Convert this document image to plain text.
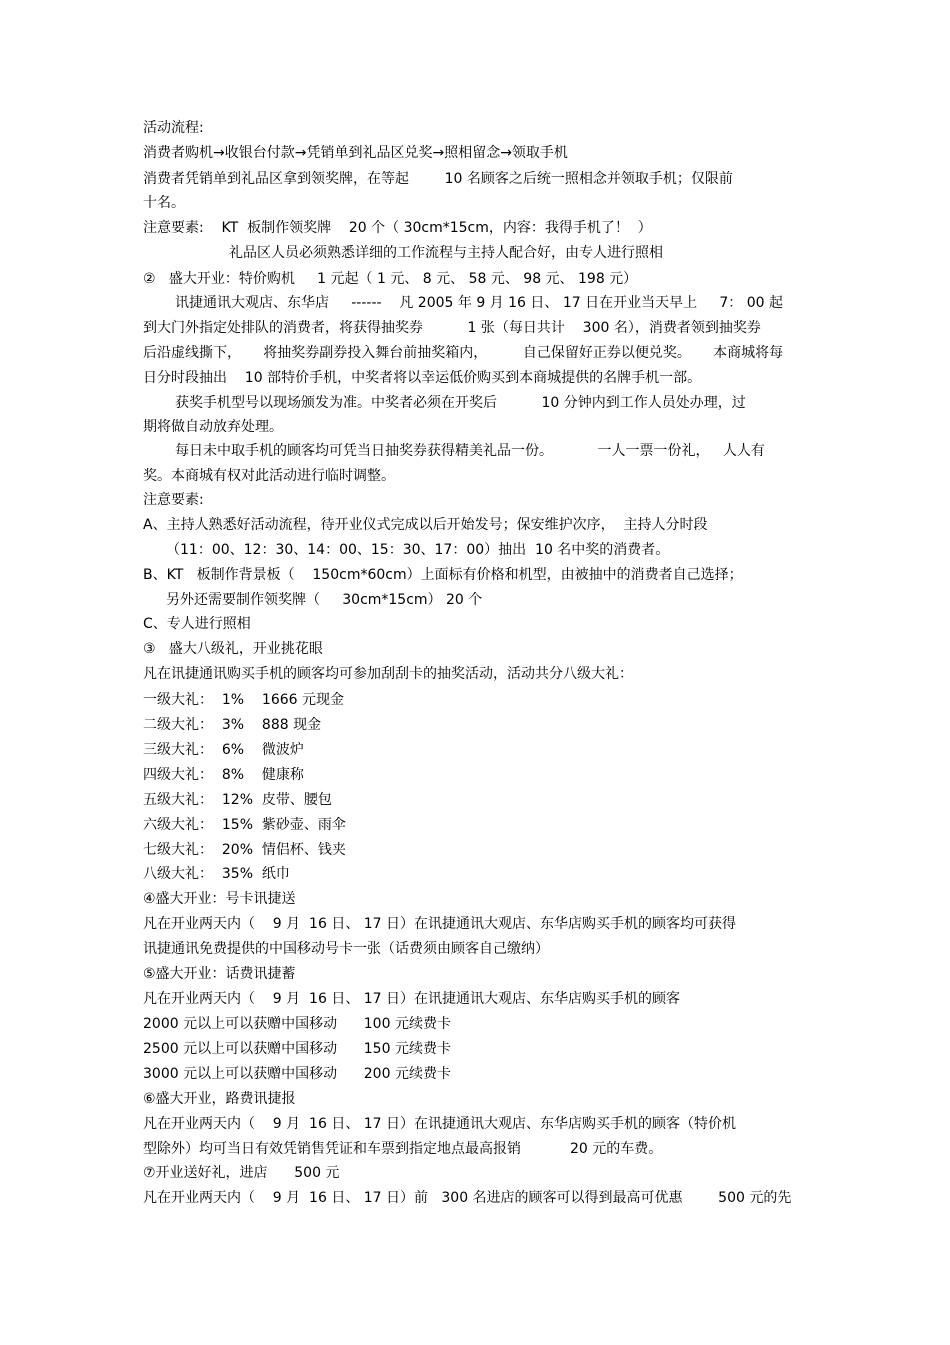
活动流程:
消费者购机→收银台付款→凭销单到礼品区兑奖→照相留念→领取手机
消费者凭销单到礼品区拿到领奖牌，在等起        10 名顾客之后统一照相念并领取手机；仅限前
十名。
注意要素:    KT  板制作领奖牌    20 个（ 30cm*15cm，内容：我得手机了！  ）
礼品区人员必须熟悉详细的工作流程与主持人配合好，由专人进行照相
②   盛大开业：特价购机     1 元起（ 1 元、 8 元、 58 元、 98 元、 198 元）
讯捷通讯大观店、东华店     ------    凡 2005 年 9 月 16 日、 17 日在开业当天早上     7： 00 起
到大门外指定处排队的消费者，将获得抽奖券          1 张（每日共计    300 名），消费者领到抽奖券
后沿虚线撕下，     将抽奖券副券投入舞台前抽奖箱内，        自己保留好正券以便兑奖。     本商城将每
日分时段抽出    10 部特价手机，中奖者将以幸运低价购买到本商城提供的名牌手机一部。
获奖手机型号以现场颁发为准。中奖者必须在开奖后          10 分钟内到工作人员处办理，过
期将做自动放弃处理。
每日未中取手机的顾客均可凭当日抽奖券获得精美礼品一份。          一人一票一份礼，   人人有
奖。本商城有权对此活动进行临时调整。
注意要素:
A、主持人熟悉好活动流程，待开业仪式完成以后开始发号；保安维护次序，  主持人分时段
（11：00、12：30、14：00、15：30、17：00）抽出  10 名中奖的消费者。
B、KT   板制作背景板（    150cm*60cm）上面标有价格和机型，由被抽中的消费者自己选择；
另外还需要制作领奖牌（     30cm*15cm） 20 个
C、专人进行照相
③   盛大八级礼，开业挑花眼
凡在讯捷通讯购买手机的顾客均可参加刮刮卡的抽奖活动，活动共分八级大礼：
一级大礼：  1%    1666 元现金
二级大礼：  3%    888 现金
三级大礼：  6%    微波炉
四级大礼：  8%    健康称
五级大礼：  12%  皮带、腰包
六级大礼：  15%  紫砂壶、雨伞
七级大礼：  20%  情侣杯、钱夹
八级大礼：  35%  纸巾
④盛大开业：号卡讯捷送
凡在开业两天内（    9 月  16 日、 17 日）在讯捷通讯大观店、东华店购买手机的顾客均可获得
讯捷通讯免费提供的中国移动号卡一张（话费须由顾客自己缴纳）
⑤盛大开业：话费讯捷蓄
凡在开业两天内（    9 月  16 日、 17 日）在讯捷通讯大观店、东华店购买手机的顾客
2000 元以上可以获赠中国移动      100 元续费卡
2500 元以上可以获赠中国移动      150 元续费卡
3000 元以上可以获赠中国移动      200 元续费卡
⑥盛大开业，路费讯捷报
凡在开业两天内（    9 月  16 日、 17 日）在讯捷通讯大观店、东华店购买手机的顾客（特价机
型除外）均可当日有效凭销售凭证和车票到指定地点最高报销           20 元的车费。
⑦开业送好礼，进店      500 元
凡在开业两天内（    9 月  16 日、 17 日）前   300 名进店的顾客可以得到最高可优惠        500 元的先
